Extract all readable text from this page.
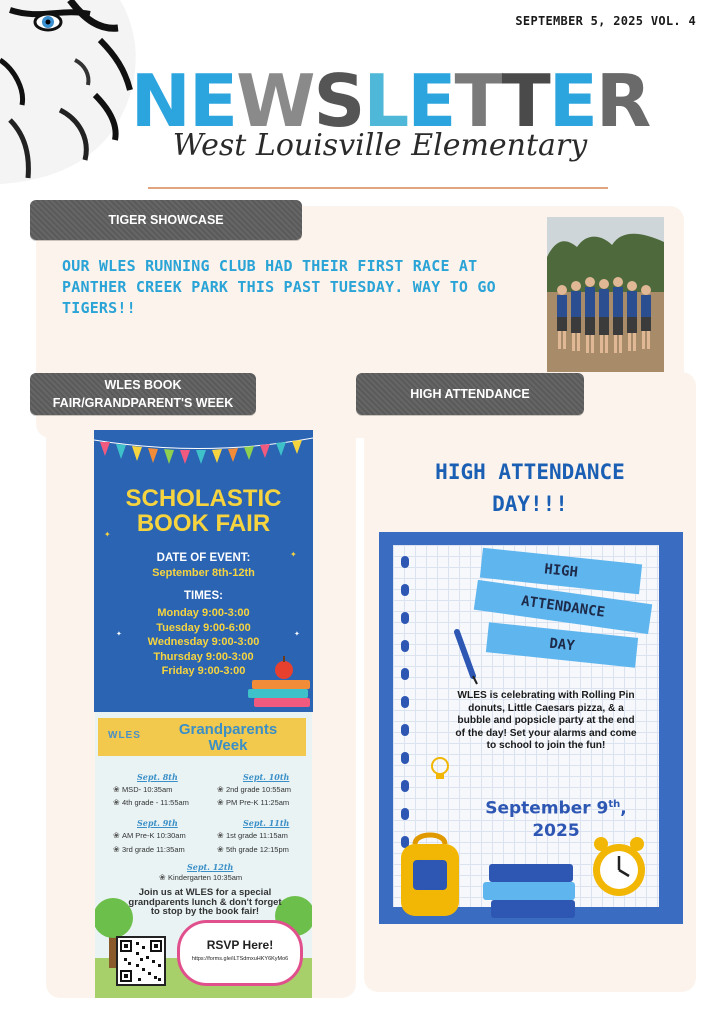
SEPTEMBER 5, 2025 VOL. 4
NEWSLETTER
West Louisville Elementary
TIGER SHOWCASE
OUR WLES RUNNING CLUB HAD THEIR FIRST RACE AT PANTHER CREEK PARK THIS PAST TUESDAY. WAY TO GO TIGERS!!
WLES BOOK
FAIR/GRANDPARENT'S WEEK
SCHOLASTIC
BOOK FAIR
DATE OF EVENT:
September 8th-12th
TIMES:
Monday 9:00-3:00
Tuesday 9:00-6:00
Wednesday 9:00-3:00
Thursday 9:00-3:00
Friday 9:00-3:00
✦
✦
✦	✦
WLES	Grandparents
Week
Sept. 8th
❀ MSD- 10:35am
❀ 4th grade - 11:55am
Sept. 10th
❀ 2nd grade 10:55am
❀ PM Pre-K 11:25am
Sept. 9th
❀ AM Pre-K 10:30am
❀ 3rd grade 11:35am
Sept. 11th
❀ 1st grade 11:15am
❀ 5th grade 12:15pm
Sept. 12th
❀ Kindergarten 10:35am
Join us at WLES for a special grandparents lunch & don't forget to stop by the book fair!
RSVP Here!
https://forms.gle/iLTSdmxuHKY6KyMo6
HIGH ATTENDANCE
HIGH ATTENDANCE
DAY!!!
HIGH
ATTENDANCE
DAY
WLES is celebrating with Rolling Pin donuts, Little Caesars pizza, & a bubble and popsicle party at the end of the day! Set your alarms and come to school to join the fun!
September 9th,
2025
